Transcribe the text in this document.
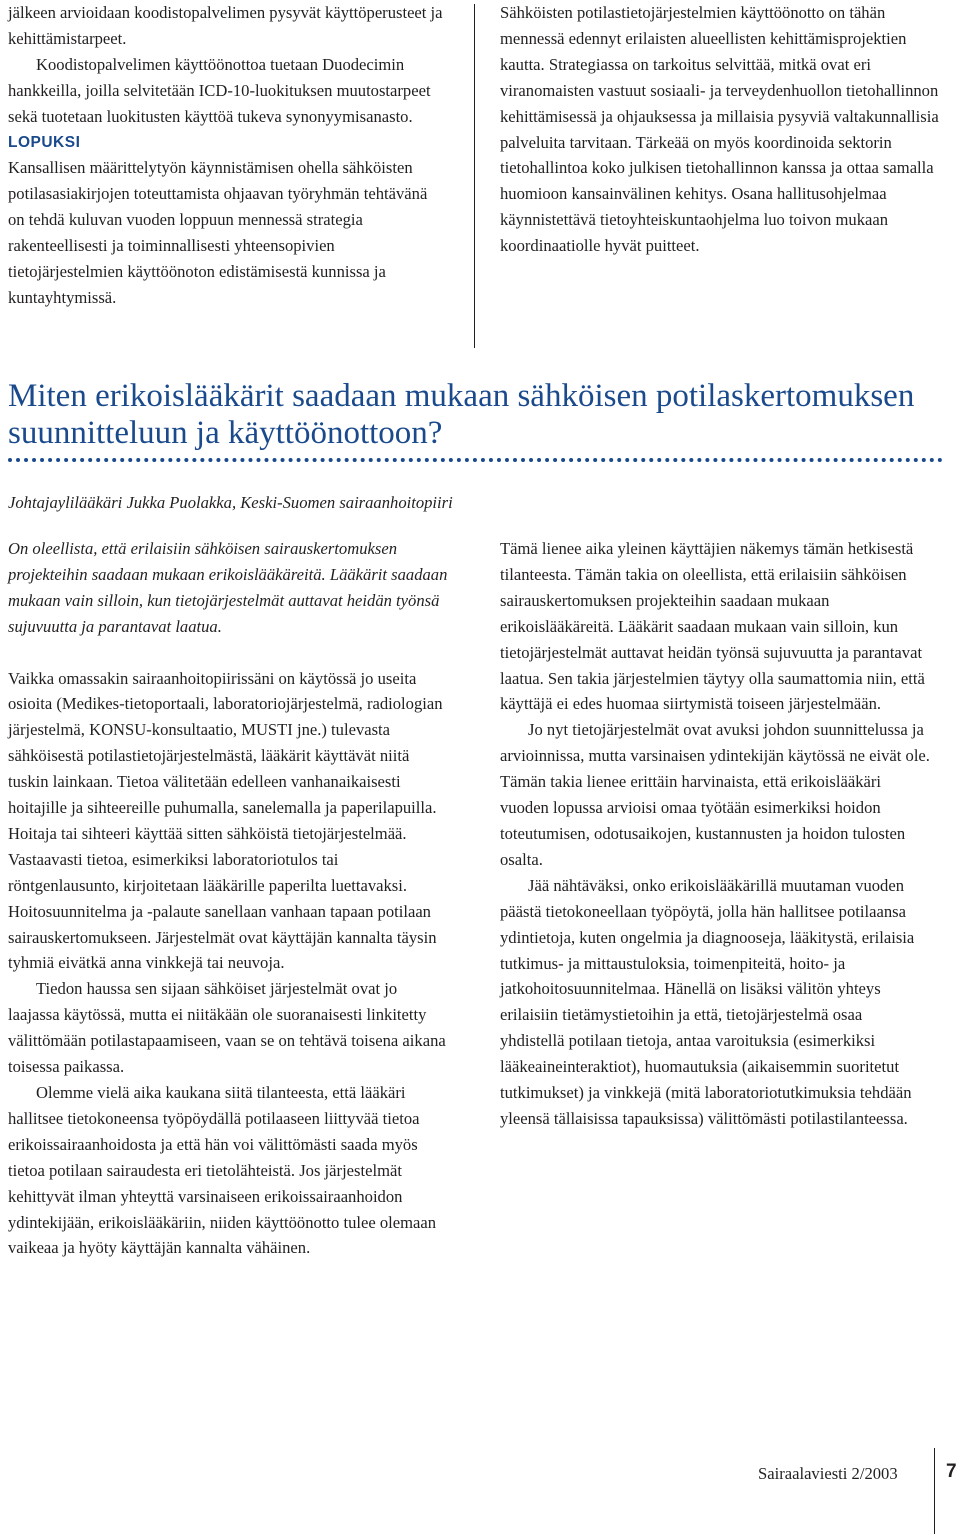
jälkeen arvioidaan koodistopalvelimen pysyvät käyttöperusteet ja kehittämistarpeet.

Koodistopalvelimen käyttöönottoa tuetaan Duodecimin hankkeilla, joilla selvitetään ICD-10-luokituksen muutostarpeet sekä tuotetaan luokitusten käyttöä tukeva synonyymisanasto.

LOPUKSI

Kansallisen määrittelytyön käynnistämisen ohella sähköisten potilasasiakirjojen toteuttamista ohjaavan työryhmän tehtävänä on tehdä kuluvan vuoden loppuun mennessä strategia rakenteellisesti ja toiminnallisesti yhteensopivien tietojärjestelmien käyttöönoton edistämisestä kunnissa ja kuntayhtymissä.

Sähköisten potilastietojärjestelmien käyttöönotto on tähän mennessä edennyt erilaisten alueellisten kehittämisprojektien kautta. Strategiassa on tarkoitus selvittää, mitkä ovat eri viranomaisten vastuut sosiaali- ja terveydenhuollon tietohallinnon kehittämisessä ja ohjauksessa ja millaisia pysyviä valtakunnallisia palveluita tarvitaan. Tärkeää on myös koordinoida sektorin tietohallintoa koko julkisen tietohallinnon kanssa ja ottaa samalla huomioon kansainvälinen kehitys. Osana hallitusohjelmaa käynnistettävä tietoyhteiskuntaohjelma luo toivon mukaan koordinaatiolle hyvät puitteet.

Miten erikoislääkärit saadaan mukaan sähköisen potilaskertomuksen suunnitteluun ja käyttöönottoon?

Johtajaylilääkäri Jukka Puolakka, Keski-Suomen sairaanhoitopiiri

On oleellista, että erilaisiin sähköisen sairauskertomuksen projekteihin saadaan mukaan erikoislääkäreitä. Lääkärit saadaan mukaan vain silloin, kun tietojärjestelmät auttavat heidän työnsä sujuvuutta ja parantavat laatua.

Vaikka omassakin sairaanhoitopiirissäni on käytössä jo useita osioita (Medikes-tietoportaali, laboratoriojärjestelmä, radiologian järjestelmä, KONSU-konsultaatio, MUSTI jne.) tulevasta sähköisestä potilastietojärjestelmästä, lääkärit käyttävät niitä tuskin lainkaan. Tietoa välitetään edelleen vanhanaikaisesti hoitajille ja sihteereille puhumalla, sanelemalla ja paperilapuilla. Hoitaja tai sihteeri käyttää sitten sähköistä tietojärjestelmää. Vastaavasti tietoa, esimerkiksi laboratoriotulos tai röntgenlausunto, kirjoitetaan lääkärille paperilta luettavaksi. Hoitosuunnitelma ja -palaute sanellaan vanhaan tapaan potilaan sairauskertomukseen. Järjestelmät ovat käyttäjän kannalta täysin tyhmiä eivätkä anna vinkkejä tai neuvoja.

Tiedon haussa sen sijaan sähköiset järjestelmät ovat jo laajassa käytössä, mutta ei niitäkään ole suoranaisesti linkitetty välittömään potilastapaamiseen, vaan se on tehtävä toisena aikana toisessa paikassa.

Olemme vielä aika kaukana siitä tilanteesta, että lääkäri hallitsee tietokoneensa työpöydällä potilaaseen liittyvää tietoa erikoissairaanhoidosta ja että hän voi välittömästi saada myös tietoa potilaan sairaudesta eri tietolähteistä. Jos järjestelmät kehittyvät ilman yhteyttä varsinaiseen erikoissairaanhoidon ydintekijään, erikoislääkäriin, niiden käyttöönotto tulee olemaan vaikeaa ja hyöty käyttäjän kannalta vähäinen.

Tämä lienee aika yleinen käyttäjien näkemys tämän hetkisestä tilanteesta. Tämän takia on oleellista, että erilaisiin sähköisen sairauskertomuksen projekteihin saadaan mukaan erikoislääkäreitä. Lääkärit saadaan mukaan vain silloin, kun tietojärjestelmät auttavat heidän työnsä sujuvuutta ja parantavat laatua. Sen takia järjestelmien täytyy olla saumattomia niin, että käyttäjä ei edes huomaa siirtymistä toiseen järjestelmään.

Jo nyt tietojärjestelmät ovat avuksi johdon suunnittelussa ja arvioinnissa, mutta varsinaisen ydintekijän käytössä ne eivät ole. Tämän takia lienee erittäin harvinaista, että erikoislääkäri vuoden lopussa arvioisi omaa työtään esimerkiksi hoidon toteutumisen, odotusaikojen, kustannusten ja hoidon tulosten osalta.

Jää nähtäväksi, onko erikoislääkärillä muutaman vuoden päästä tietokoneellaan työpöytä, jolla hän hallitsee potilaansa ydintietoja, kuten ongelmia ja diagnooseja, lääkitystä, erilaisia tutkimus- ja mittaustuloksia, toimenpiteitä, hoito- ja jatkohoitosuunnitelmaa. Hänellä on lisäksi välitön yhteys erilaisiin tietämystietoihin ja että, tietojärjestelmä osaa yhdistellä potilaan tietoja, antaa varoituksia (esimerkiksi lääkeaineinteraktiot), huomautuksia (aikaisemmin suoritetut tutkimukset) ja vinkkejä (mitä laboratoriotutkimuksia tehdään yleensä tällaisissa tapauksissa) välittömästi potilastilanteessa.

Sairaalaviesti 2/2003	7
